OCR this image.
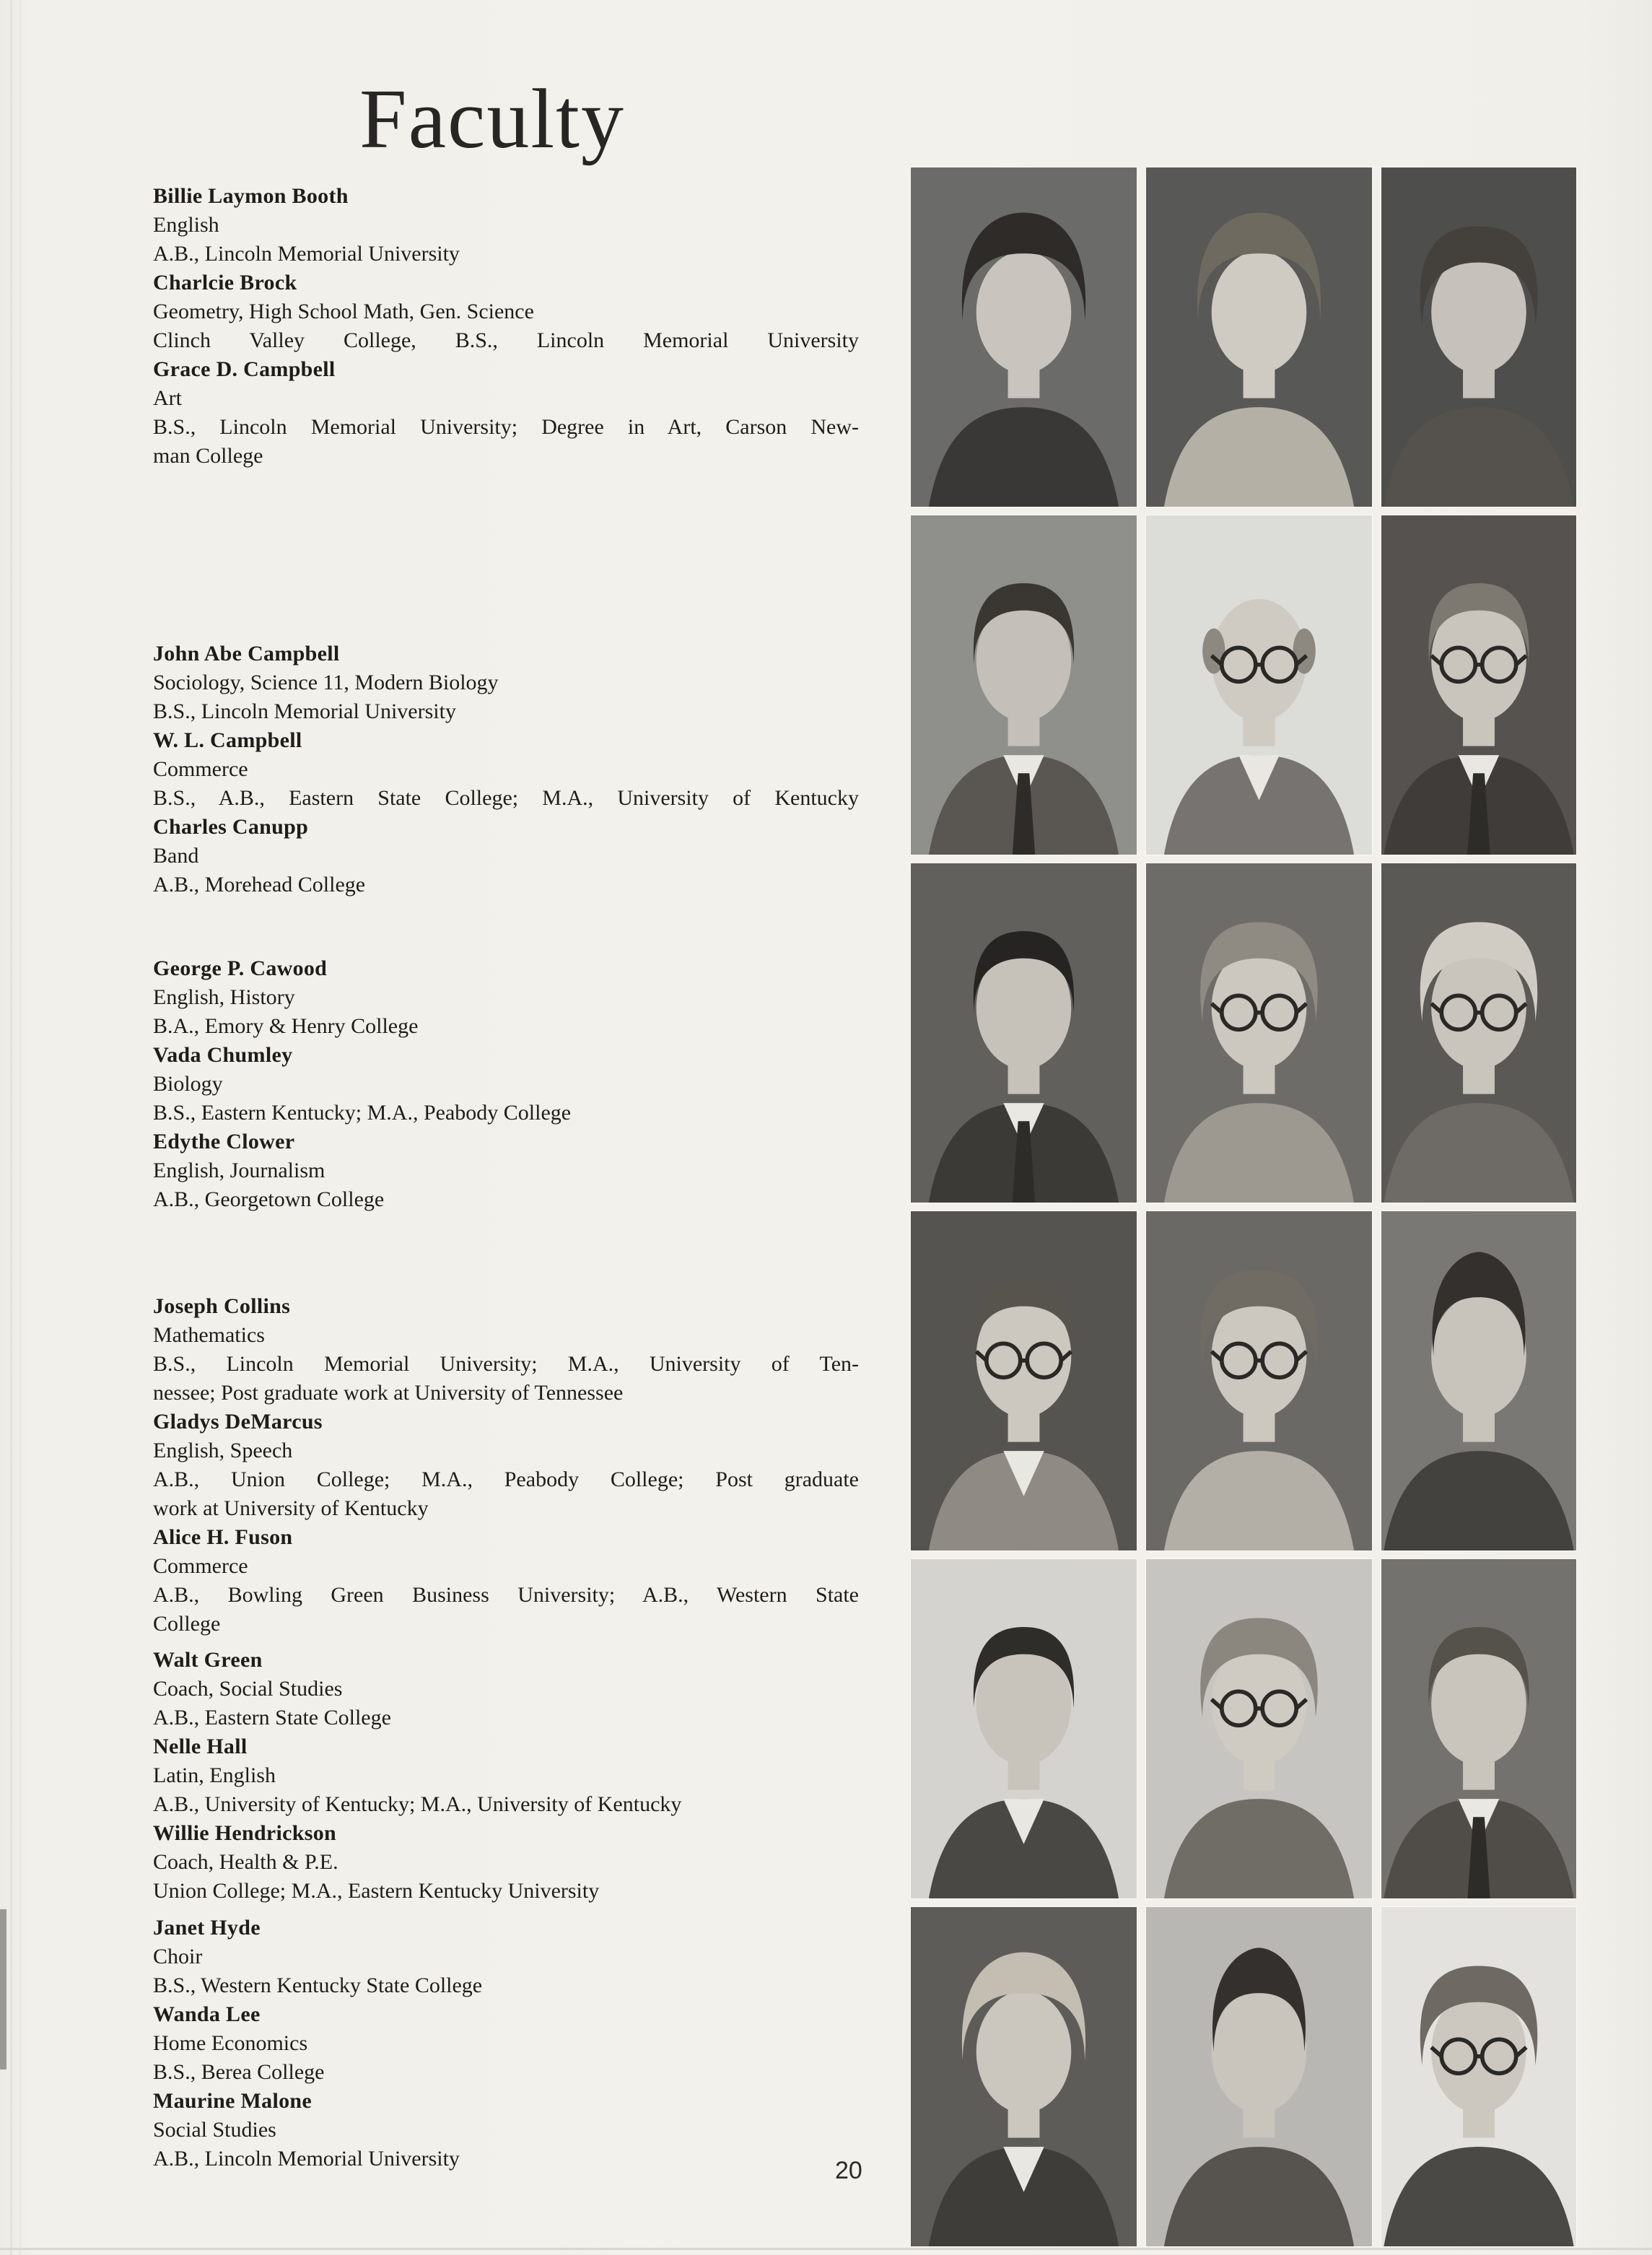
Faculty
Billie Laymon Booth
English
A.B., Lincoln Memorial University
Charlcie Brock
Geometry, High School Math, Gen. Science
Clinch Valley College, B.S., Lincoln Memorial University
Grace D. Campbell
Art
B.S., Lincoln Memorial University; Degree in Art, Carson New-
man College
John Abe Campbell
Sociology, Science 11, Modern Biology
B.S., Lincoln Memorial University
W. L. Campbell
Commerce
B.S., A.B., Eastern State College; M.A., University of Kentucky
Charles Canupp
Band
A.B., Morehead College
George P. Cawood
English, History
B.A., Emory & Henry College
Vada Chumley
Biology
B.S., Eastern Kentucky; M.A., Peabody College
Edythe Clower
English, Journalism
A.B., Georgetown College
Joseph Collins
Mathematics
B.S., Lincoln Memorial University; M.A., University of Ten-
nessee; Post graduate work at University of Tennessee
Gladys DeMarcus
English, Speech
A.B., Union College; M.A., Peabody College; Post graduate
work at University of Kentucky
Alice H. Fuson
Commerce
A.B., Bowling Green Business University; A.B., Western State
College
Walt Green
Coach, Social Studies
A.B., Eastern State College
Nelle Hall
Latin, English
A.B., University of Kentucky; M.A., University of Kentucky
Willie Hendrickson
Coach, Health & P.E.
Union College; M.A., Eastern Kentucky University
Janet Hyde
Choir
B.S., Western Kentucky State College
Wanda Lee
Home Economics
B.S., Berea College
Maurine Malone
Social Studies
A.B., Lincoln Memorial University	20
